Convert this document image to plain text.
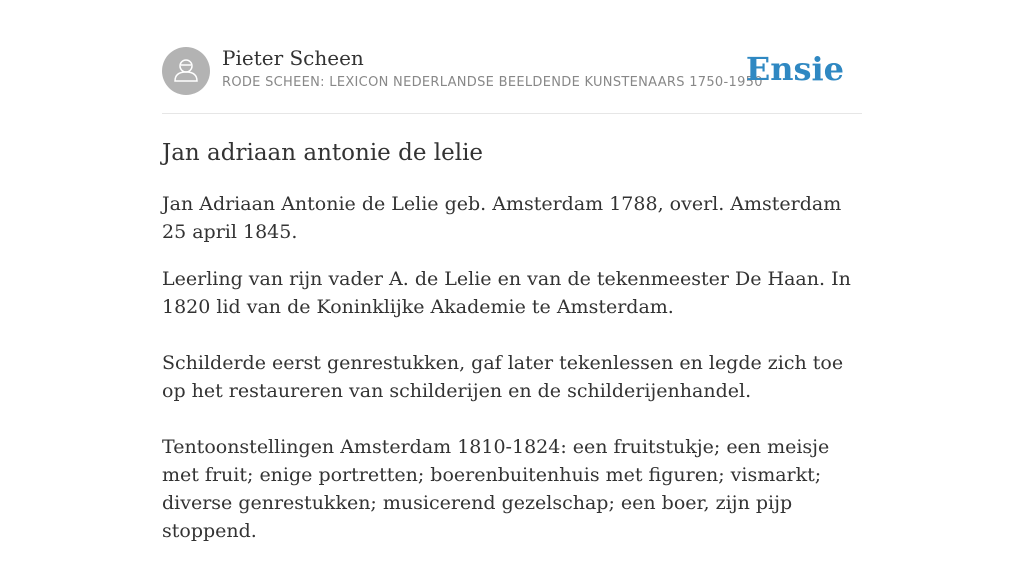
Pieter Scheen
RODE SCHEEN: LEXICON NEDERLANDSE BEELDENDE KUNSTENAARS 1750-1950
Ensie
Jan adriaan antonie de lelie

Jan Adriaan Antonie de Lelie geb. Amsterdam 1788, overl. Amsterdam 25 april 1845.

Leerling van rijn vader A. de Lelie en van de tekenmeester De Haan. In 1820 lid van de Koninklijke Akademie te Amsterdam.

Schilderde eerst genrestukken, gaf later tekenlessen en legde zich toe op het restaureren van schilderijen en de schilderijenhandel.

Tentoonstellingen Amsterdam 1810-1824: een fruitstukje; een meisje met fruit; enige portretten; boerenbuitenhuis met figuren; vismarkt; diverse genrestukken; musicerend gezelschap; een boer, zijn pijp stoppend.
